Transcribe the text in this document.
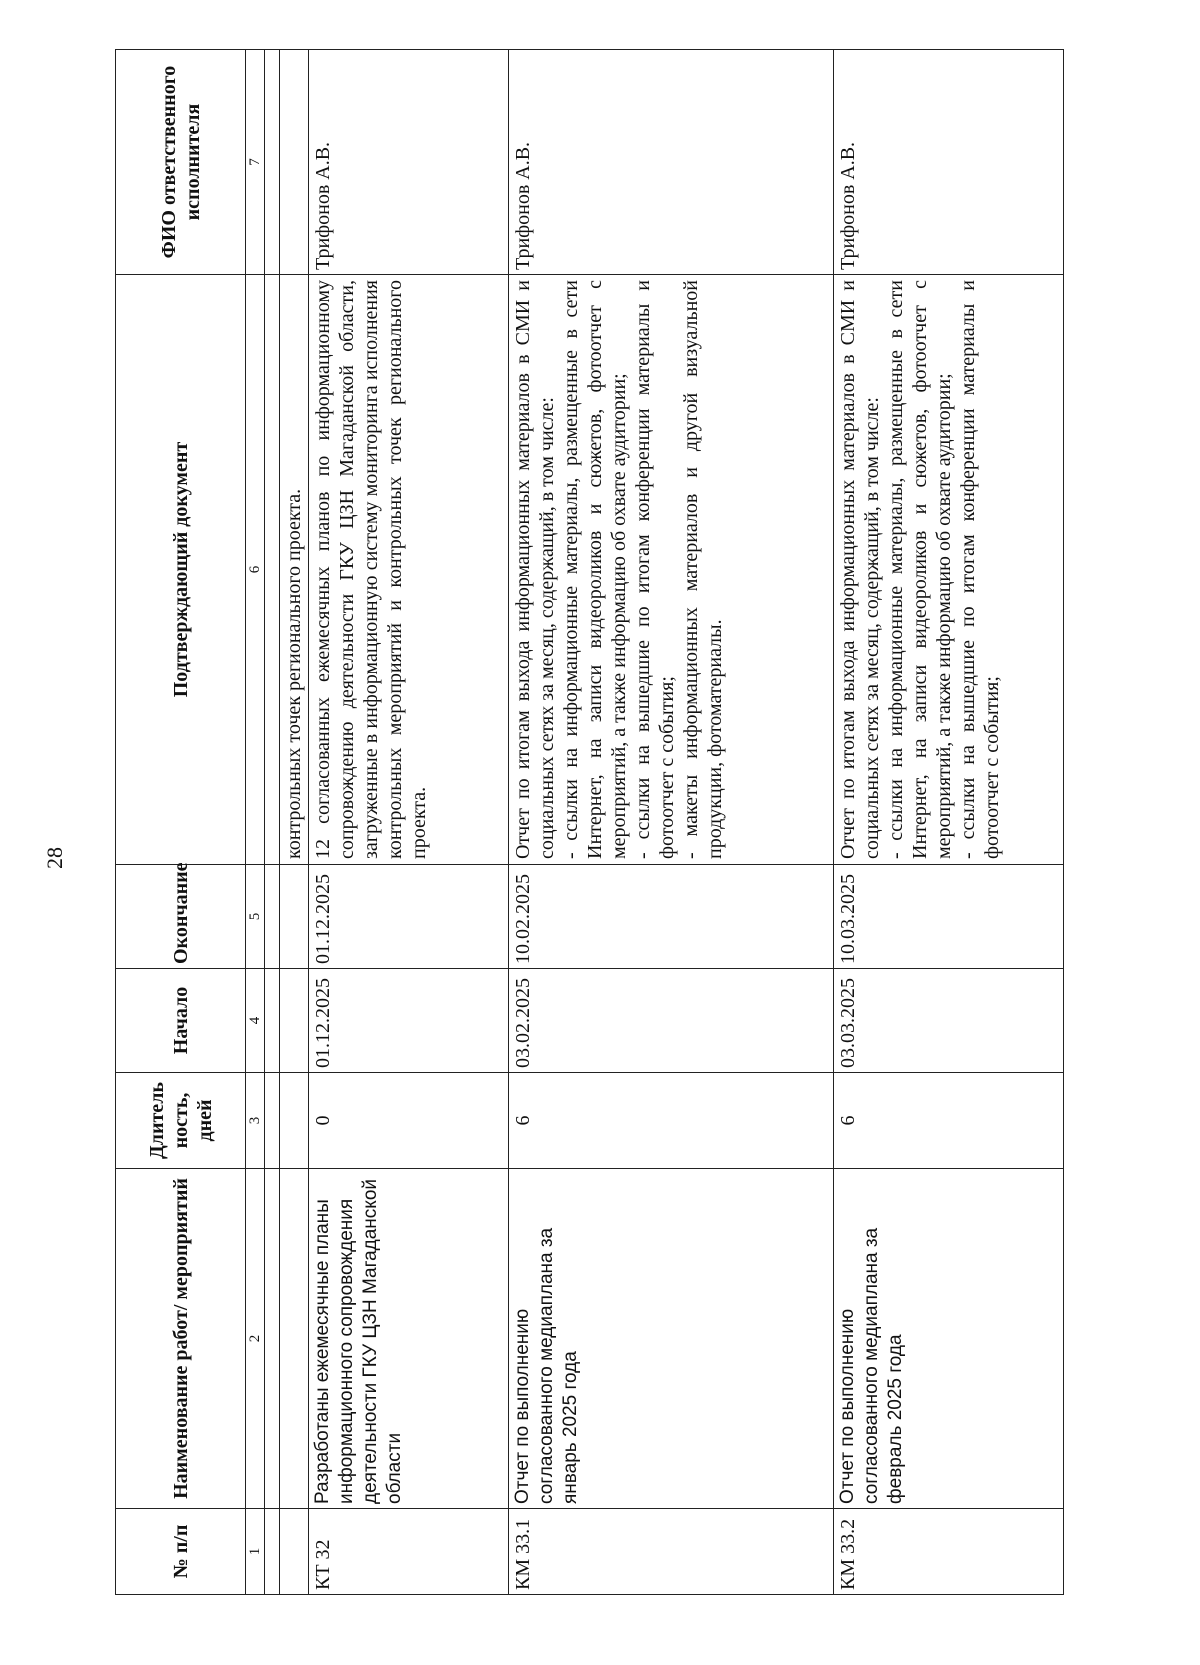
28
№ п/п	Наименование работ/ мероприятий	Длитель ность, дней	Начало	Окончание	Подтверждающий документ	ФИО ответственного исполнителя
1	2	3	4	5	6	7

					контрольных точек регионального проекта.	
КТ 32	Разработаны ежемесячные планы информационного сопровождения деятельности ГКУ ЦЗН Магаданской области	0	01.12.2025	01.12.2025	12 согласованных ежемесячных планов по информационному сопровождению деятельности ГКУ ЦЗН Магаданской области, загруженные в информационную систему мониторинга исполнения контрольных мероприятий и контрольных точек регионального проекта.	Трифонов А.В.
КМ 33.1	Отчет по выполнению согласованного медиаплана за январь 2025 года	6	03.02.2025	10.02.2025	Отчет по итогам выхода информационных материалов в СМИ и социальных сетях за месяц, содержащий, в том числе:
- ссылки на информационные материалы, размещенные в сети Интернет, на записи видеороликов и сюжетов, фотоотчет с мероприятий, а также информацию об охвате аудитории;
- ссылки на вышедшие по итогам конференции материалы и фотоотчет с события;
- макеты информационных материалов и другой визуальной продукции, фотоматериалы.	Трифонов А.В.
КМ 33.2	Отчет по выполнению согласованного медиаплана за февраль 2025 года	6	03.03.2025	10.03.2025	Отчет по итогам выхода информационных материалов в СМИ и социальных сетях за месяц, содержащий, в том числе:
- ссылки на информационные материалы, размещенные в сети Интернет, на записи видеороликов и сюжетов, фотоотчет с мероприятий, а также информацию об охвате аудитории;
- ссылки на вышедшие по итогам конференции материалы и фотоотчет с события;	Трифонов А.В.
